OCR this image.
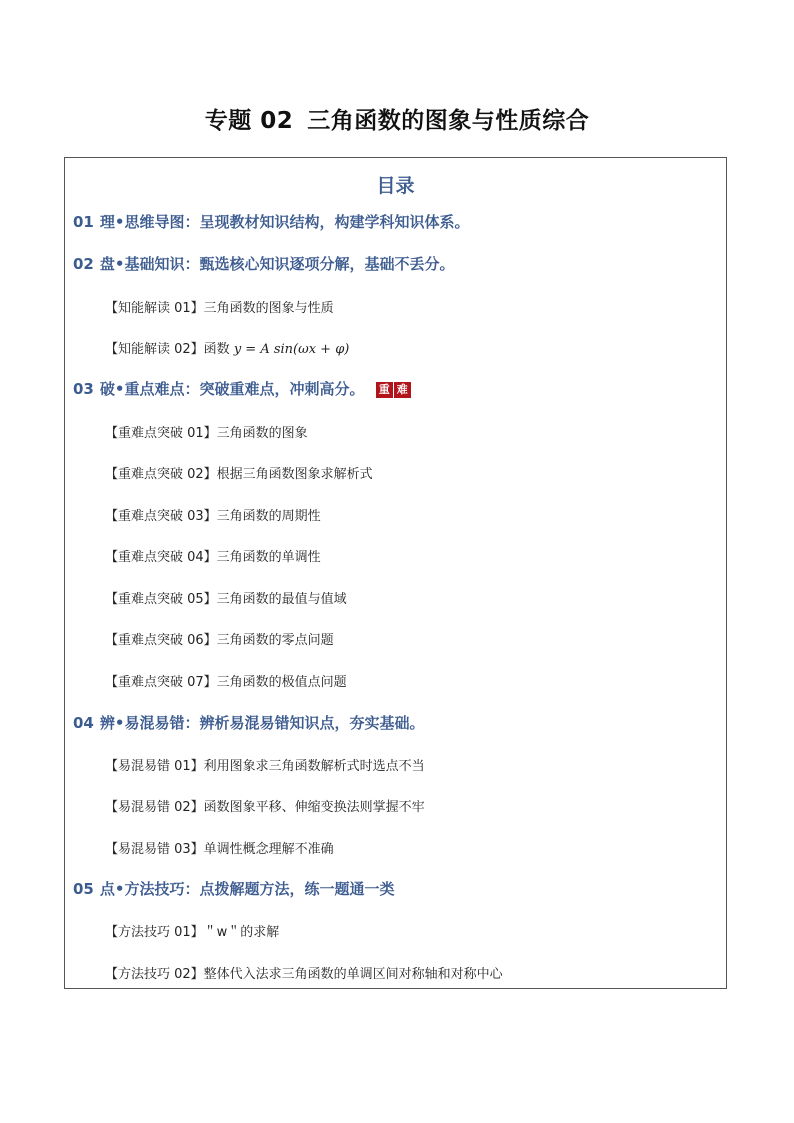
专题 02 三角函数的图象与性质综合
目录
01 理•思维导图：呈现教材知识结构，构建学科知识体系。
02 盘•基础知识：甄选核心知识逐项分解，基础不丢分。
【知能解读 01】三角函数的图象与性质
【知能解读 02】函数 y = A sin(ωx + φ)
03 破•重点难点：突破重难点，冲刺高分。 重 难
【重难点突破 01】三角函数的图象
【重难点突破 02】根据三角函数图象求解析式
【重难点突破 03】三角函数的周期性
【重难点突破 04】三角函数的单调性
【重难点突破 05】三角函数的最值与值域
【重难点突破 06】三角函数的零点问题
【重难点突破 07】三角函数的极值点问题
04 辨•易混易错：辨析易混易错知识点，夯实基础。
【易混易错 01】利用图象求三角函数解析式时选点不当
【易混易错 02】函数图象平移、伸缩变换法则掌握不牢
【易混易错 03】单调性概念理解不准确
05 点•方法技巧：点拨解题方法，练一题通一类
【方法技巧 01】＂w＂的求解
【方法技巧 02】整体代入法求三角函数的单调区间对称轴和对称中心
